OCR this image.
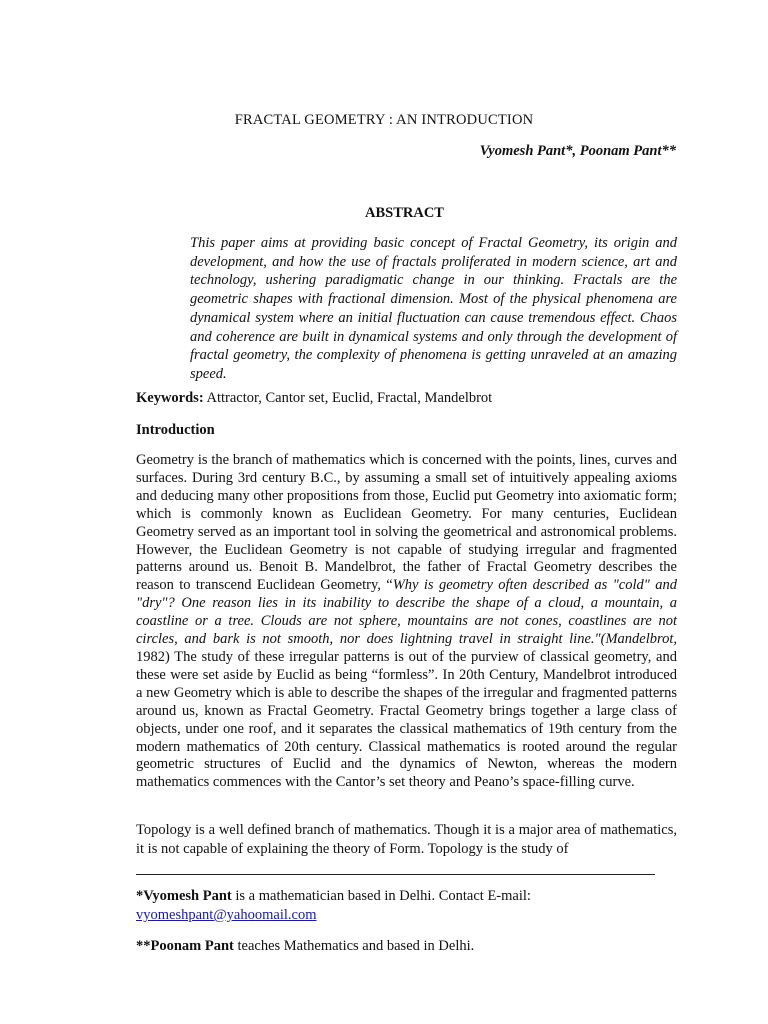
FRACTAL GEOMETRY : AN INTRODUCTION
Vyomesh Pant*, Poonam Pant**
ABSTRACT

This paper aims at providing basic concept of Fractal Geometry, its origin and development, and how the use of fractals proliferated in modern science, art and technology, ushering paradigmatic change in our thinking. Fractals are the geometric shapes with fractional dimension. Most of the physical phenomena are dynamical system where an initial fluctuation can cause tremendous effect. Chaos and coherence are built in dynamical systems and only through the development of fractal geometry, the complexity of phenomena is getting unraveled at an amazing speed.

Keywords: Attractor, Cantor set, Euclid, Fractal, Mandelbrot

Introduction

Geometry is the branch of mathematics which is concerned with the points, lines, curves and surfaces. During 3rd century B.C., by assuming a small set of intuitively appealing axioms and deducing many other propositions from those, Euclid put Geometry into axiomatic form; which is commonly known as Euclidean Geometry. For many centuries, Euclidean Geometry served as an important tool in solving the geometrical and astronomical problems. However, the Euclidean Geometry is not capable of studying irregular and fragmented patterns around us. Benoit B. Mandelbrot, the father of Fractal Geometry describes the reason to transcend Euclidean Geometry, “Why is geometry often described as "cold" and "dry"? One reason lies in its inability to describe the shape of a cloud, a mountain, a coastline or a tree. Clouds are not sphere, mountains are not cones, coastlines are not circles, and bark is not smooth, nor does lightning travel in straight line."(Mandelbrot, 1982) The study of these irregular patterns is out of the purview of classical geometry, and these were set aside by Euclid as being “formless”. In 20th Century, Mandelbrot introduced a new Geometry which is able to describe the shapes of the irregular and fragmented patterns around us, known as Fractal Geometry. Fractal Geometry brings together a large class of objects, under one roof, and it separates the classical mathematics of 19th century from the modern mathematics of 20th century. Classical mathematics is rooted around the regular geometric structures of Euclid and the dynamics of Newton, whereas the modern mathematics commences with the Cantor’s set theory and Peano’s space-filling curve.

Topology is a well defined branch of mathematics. Though it is a major area of mathematics, it is not capable of explaining the theory of Form. Topology is the study of

*Vyomesh Pant is a mathematician based in Delhi. Contact E-mail:
vyomeshpant@yahoomail.com

**Poonam Pant teaches Mathematics and based in Delhi.
